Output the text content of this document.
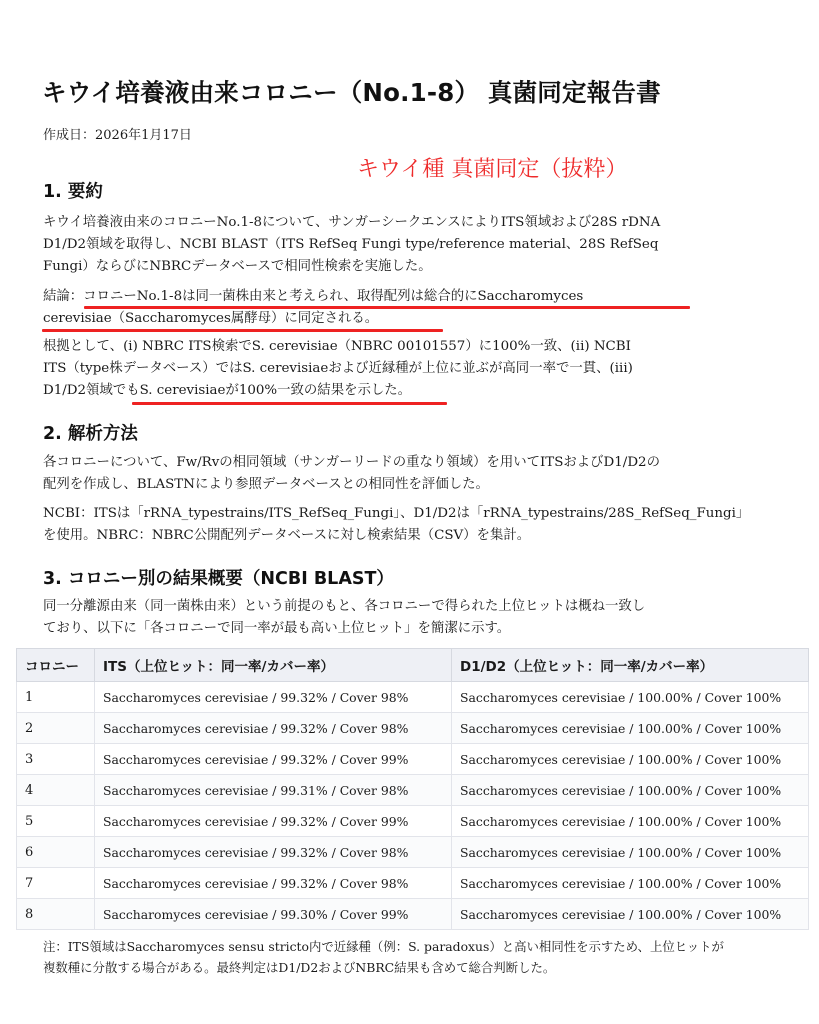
キウイ培養液由来コロニー（No.1-8） 真菌同定報告書
作成日：2026年1月17日
キウイ種 真菌同定（抜粋）
1. 要約

キウイ培養液由来のコロニーNo.1-8について、サンガーシークエンスによりITS領域および28S rDNA
D1/D2領域を取得し、NCBI BLAST（ITS RefSeq Fungi type/reference material、28S RefSeq
Fungi）ならびにNBRCデータベースで相同性検索を実施した。

結論：コロニーNo.1-8は同一菌株由来と考えられ、取得配列は総合的にSaccharomyces
cerevisiae（Saccharomyces属酵母）に同定される。

根拠として、(i) NBRC ITS検索でS. cerevisiae（NBRC 00101557）に100%一致、(ii) NCBI
ITS（type株データベース）ではS. cerevisiaeおよび近縁種が上位に並ぶが高同一率で一貫、(iii)
D1/D2領域でもS. cerevisiaeが100%一致の結果を示した。

2. 解析方法

各コロニーについて、Fw/Rvの相同領域（サンガーリードの重なり領域）を用いてITSおよびD1/D2の
配列を作成し、BLASTNにより参照データベースとの相同性を評価した。

NCBI：ITSは「rRNA_typestrains/ITS_RefSeq_Fungi」、D1/D2は「rRNA_typestrains/28S_RefSeq_Fungi」
を使用。NBRC：NBRC公開配列データベースに対し検索結果（CSV）を集計。

3. コロニー別の結果概要（NCBI BLAST）

同一分離源由来（同一菌株由来）という前提のもと、各コロニーで得られた上位ヒットは概ね一致し
ており、以下に「各コロニーで同一率が最も高い上位ヒット」を簡潔に示す。

コロニー	ITS（上位ヒット：同一率/カバー率）	D1/D2（上位ヒット：同一率/カバー率）
1	Saccharomyces cerevisiae / 99.32% / Cover 98%	Saccharomyces cerevisiae / 100.00% / Cover 100%
2	Saccharomyces cerevisiae / 99.32% / Cover 98%	Saccharomyces cerevisiae / 100.00% / Cover 100%
3	Saccharomyces cerevisiae / 99.32% / Cover 99%	Saccharomyces cerevisiae / 100.00% / Cover 100%
4	Saccharomyces cerevisiae / 99.31% / Cover 98%	Saccharomyces cerevisiae / 100.00% / Cover 100%
5	Saccharomyces cerevisiae / 99.32% / Cover 99%	Saccharomyces cerevisiae / 100.00% / Cover 100%
6	Saccharomyces cerevisiae / 99.32% / Cover 98%	Saccharomyces cerevisiae / 100.00% / Cover 100%
7	Saccharomyces cerevisiae / 99.32% / Cover 98%	Saccharomyces cerevisiae / 100.00% / Cover 100%
8	Saccharomyces cerevisiae / 99.30% / Cover 99%	Saccharomyces cerevisiae / 100.00% / Cover 100%

注：ITS領域はSaccharomyces sensu stricto内で近縁種（例：S. paradoxus）と高い相同性を示すため、上位ヒットが
複数種に分散する場合がある。最終判定はD1/D2およびNBRC結果も含めて総合判断した。
